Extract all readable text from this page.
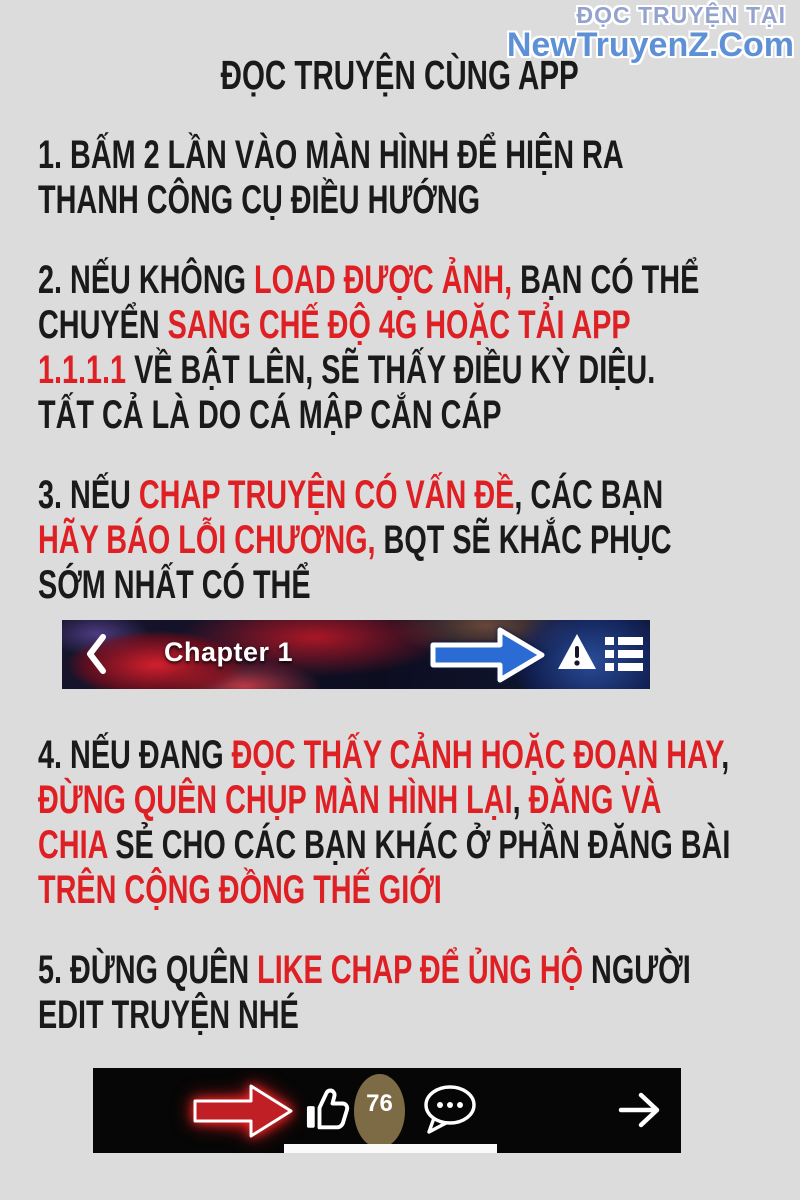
ĐỌC TRUYỆN TẠI
NewTruyenZ.Com
ĐỌC TRUYỆN CÙNG APP
1. BẤM 2 LẦN VÀO MÀN HÌNH ĐỂ HIỆN RA
THANH CÔNG CỤ ĐIỀU HƯỚNG
2. NẾU KHÔNG LOAD ĐƯỢC ẢNH, BẠN CÓ THỂ
CHUYỂN SANG CHẾ ĐỘ 4G HOẶC TẢI APP
1.1.1.1 VỀ BẬT LÊN, SẼ THẤY ĐIỀU KỲ DIỆU.
TẤT CẢ LÀ DO CÁ MẬP CẮN CÁP
3. NẾU CHAP TRUYỆN CÓ VẤN ĐỀ, CÁC BẠN
HÃY BÁO LỖI CHƯƠNG, BQT SẼ KHẮC PHỤC
SỚM NHẤT CÓ THỂ
4. NẾU ĐANG ĐỌC THẤY CẢNH HOẶC ĐOẠN HAY,
ĐỪNG QUÊN CHỤP MÀN HÌNH LẠI, ĐĂNG VÀ
CHIA SẺ CHO CÁC BẠN KHÁC Ở PHẦN ĐĂNG BÀI
TRÊN CỘNG ĐỒNG THẾ GIỚI
5. ĐỪNG QUÊN LIKE CHAP ĐỂ ỦNG HỘ NGƯỜI
EDIT TRUYỆN NHÉ
Chapter 1
76
